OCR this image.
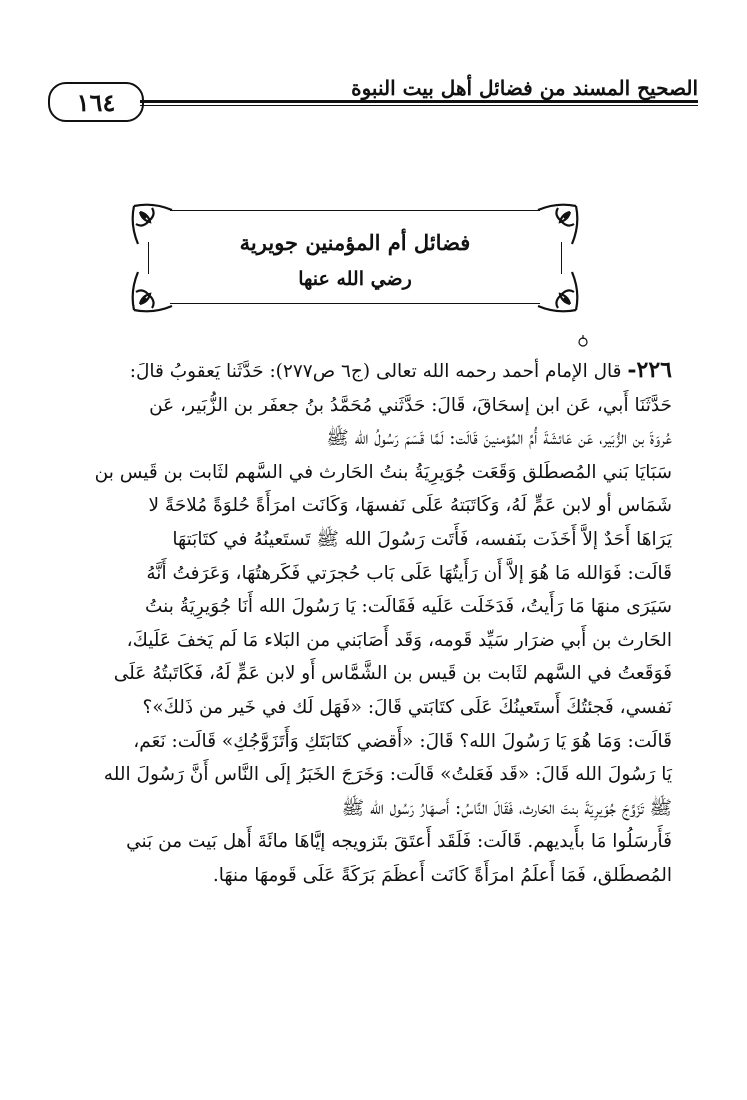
١٦٤	الصحيح المسند من فضائل أهل بيت النبوة
فضائل أم المؤمنين جويرية
رضي الله عنها
٢٢٦- قال الإمام أحمد رحمه الله تعالى (ج٦ ص٢٧٧): حَدَّثَنا يَعقوبُ قالَ:
حَدَّثَنَا أَبي، عَن ابن إسحَاقَ، قَالَ: حَدَّثَني مُحَمَّدُ بنُ جعفَر بن الزُّبَير، عَن
عُروَةَ بن الزُّبَير، عَن عَائشَةَ أُمِّ المُؤمنينَ قَالَت: لَمَّا قَسَمَ رَسُولُ الله ﷺ
سَبَايَا بَني المُصطَلق وَقَعَت جُوَيرِيَةُ بنتُ الحَارث في السَّهم لثَابت بن قَيس بن
شَمَاس أو لابن عَمٍّ لَهُ، وَكَاتَبَتهُ عَلَى نَفسهَا، وَكَانَت امرَأَةً حُلوَةً مُلاحَةً لا
يَرَاهَا أَحَدٌ إلاَّ أَخَذَت بنَفسه، فَأَتَت رَسُولَ الله ﷺ تَستَعينُهُ في كتَابَتهَا
قَالَت: فَوَالله مَا هُوَ إلاَّ أَن رَأَيتُهَا عَلَى بَاب حُجرَتي فَكَرهتُهَا، وَعَرَفتُ أَنَّهُ
سَيَرَى منهَا مَا رَأَيتُ، فَدَخَلَت عَلَيه فَقَالَت: يَا رَسُولَ الله أَنَا جُوَيرِيَةُ بنتُ
الحَارث بن أَبي ضرَار سَيِّد قَومه، وَقَد أَصَابَني من البَلاء مَا لَم يَخفَ عَلَيكَ،
فَوَقَعتُ في السَّهم لثَابت بن قَيس بن الشَّمَّاس أَو لابن عَمٍّ لَهُ، فَكَاتَبتُهُ عَلَى
نَفسي، فَجئتُكَ أَستَعينُكَ عَلَى كتَابَتي قَالَ: «فَهَل لَك في خَير من ذَلكَ»؟
قَالَت: وَمَا هُوَ يَا رَسُولَ الله؟ قَالَ: «أَقضي كتَابَتَكِ وَأَتَزَوَّجُكِ» قَالَت: نَعَم،
يَا رَسُولَ الله قَالَ: «قَد فَعَلتُ» قَالَت: وَخَرَجَ الخَبَرُ إلَى النَّاس أَنَّ رَسُولَ الله
ﷺ تَزَوَّجَ جُوَيرِيَةَ بنتَ الحَارث، فَقَالَ النَّاسُ: أَصهَارُ رَسُول الله ﷺ
فَأَرسَلُوا مَا بأَيديهم. قَالَت: فَلَقَد أَعتَقَ بتَزويجه إيَّاهَا مائَةَ أَهل بَيت من بَني
المُصطَلق، فَمَا أَعلَمُ امرَأَةً كَانَت أَعظَمَ بَرَكَةً عَلَى قَومهَا منهَا.
